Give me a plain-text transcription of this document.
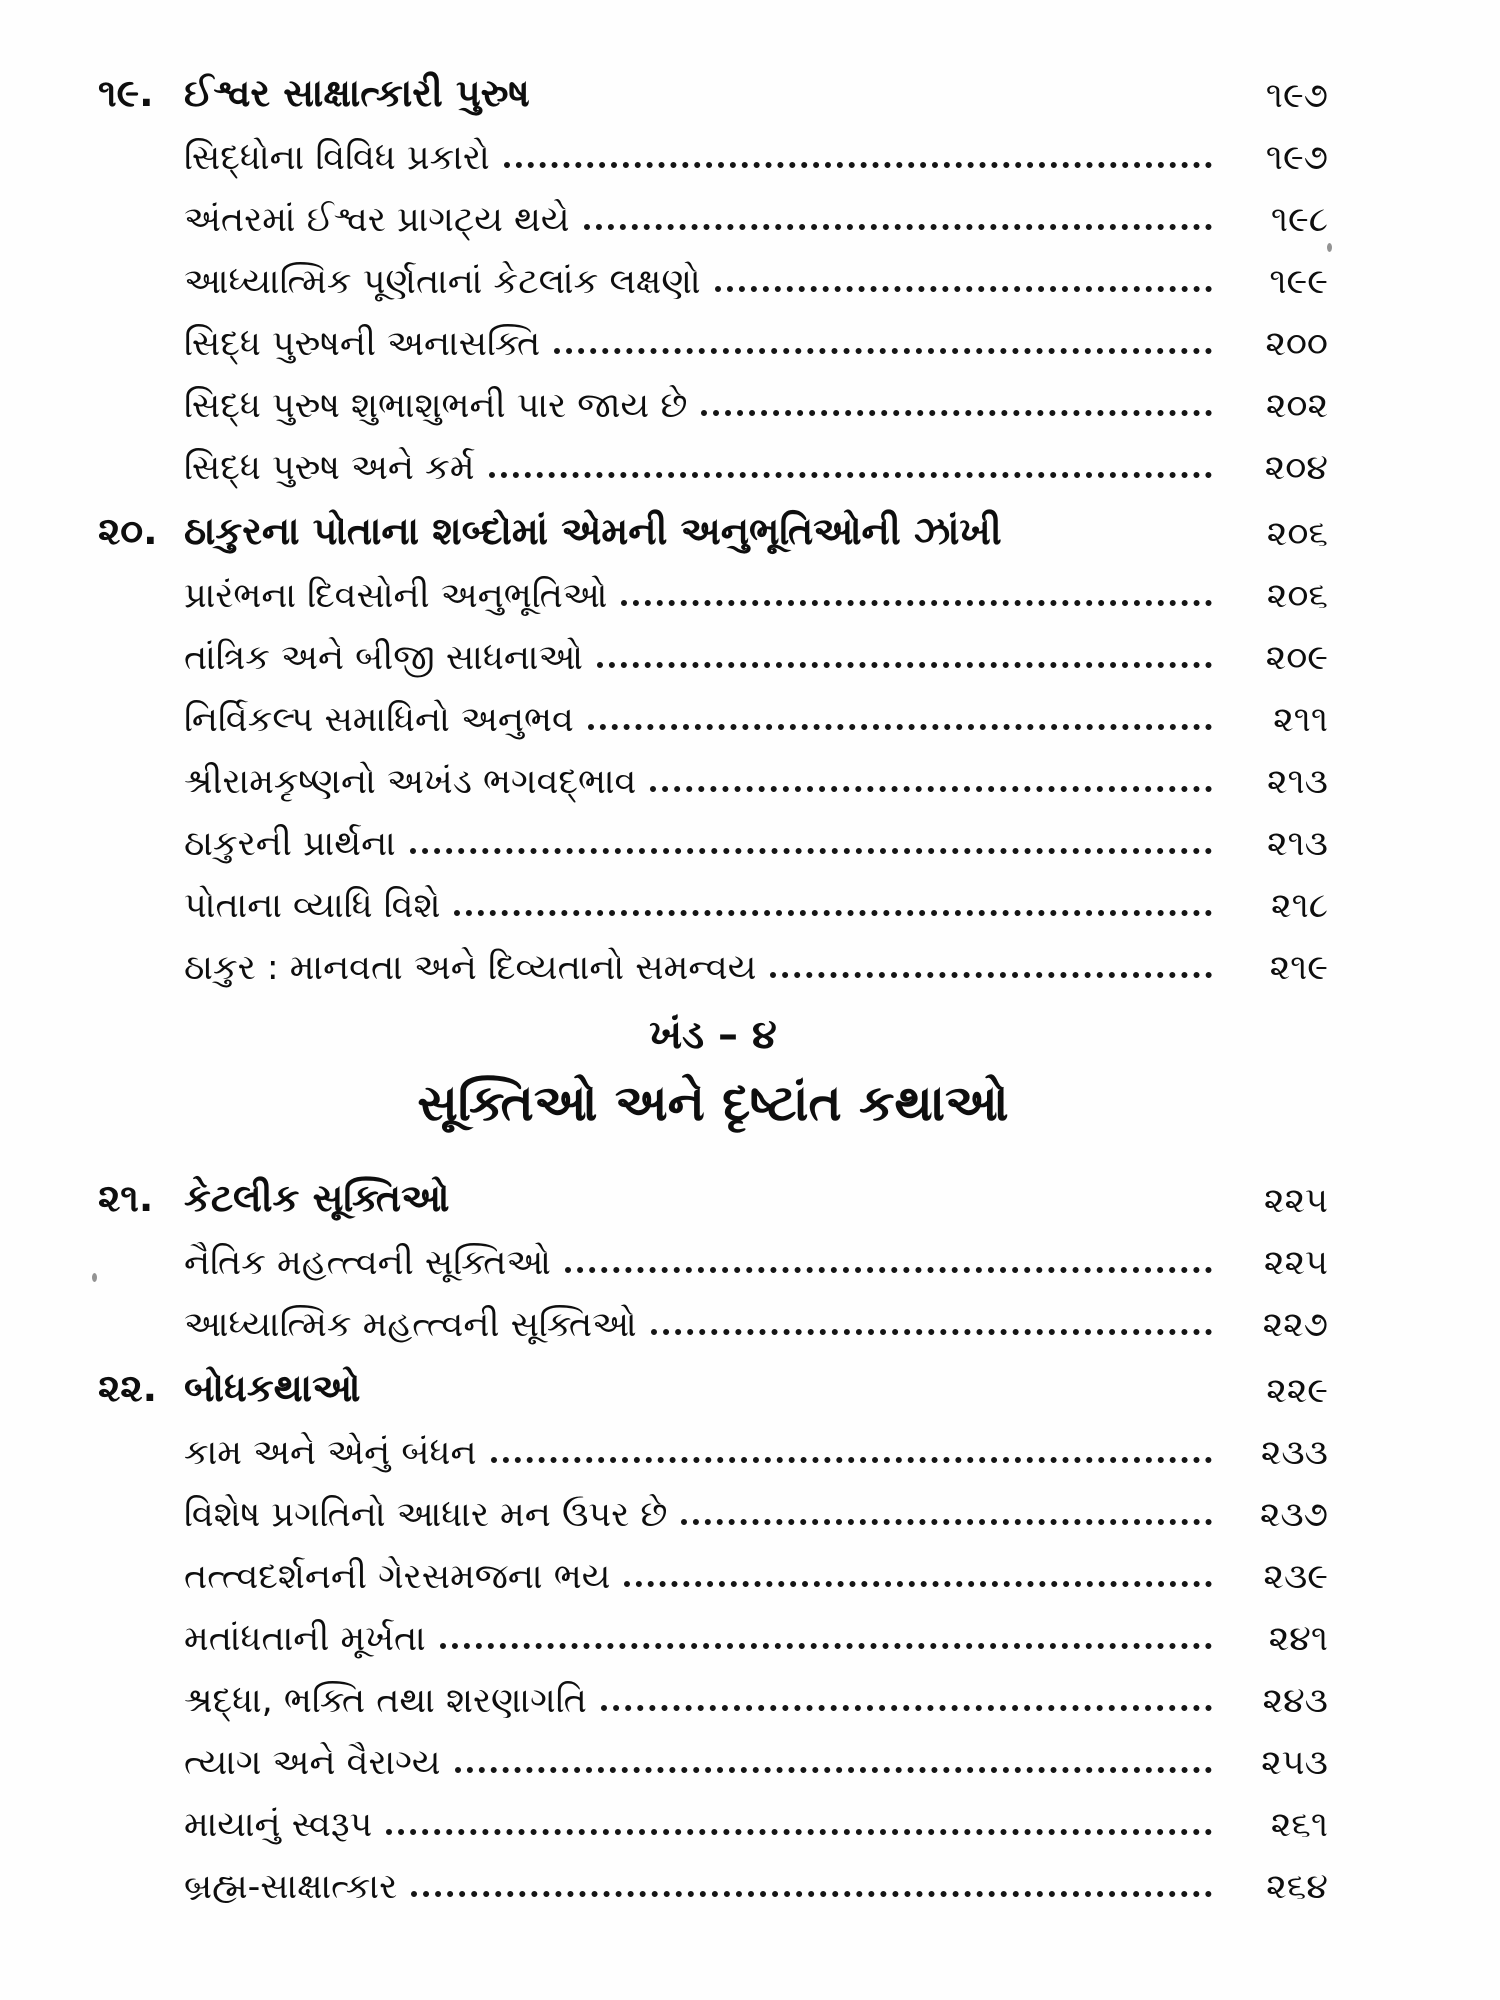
૧૯. ઈશ્વર સાક્ષાત્કારી પુરુષ	૧૯૭
સિદ્ધોના વિવિધ પ્રકારો	૧૯૭
અંતરમાં ઈશ્વર પ્રાગટ્ય થયે	૧૯૮
આધ્યાત્મિક પૂર્ણતાનાં કેટલાંક લક્ષણો	૧૯૯
સિદ્ધ પુરુષની અનાસક્તિ	૨૦૦
સિદ્ધ પુરુષ શુભાશુભની પાર જાય છે	૨૦૨
સિદ્ધ પુરુષ અને કર્મ	૨૦૪
૨૦. ઠાકુરના પોતાના શબ્દોમાં એમની અનુભૂતિઓની ઝાંખી	૨૦૬
પ્રારંભના દિવસોની અનુભૂતિઓ	૨૦૬
તાંત્રિક અને બીજી સાધનાઓ	૨૦૯
નિર્વિકલ્પ સમાધિનો અનુભવ	૨૧૧
શ્રીરામકૃષ્ણનો અખંડ ભગવદ્ભાવ	૨૧૩
ઠાકુરની પ્રાર્થના	૨૧૩
પોતાના વ્યાધિ વિશે	૨૧૮
ઠાકુર : માનવતા અને દિવ્યતાનો સમન્વય	૨૧૯
ખંડ – ૪
સૂક્તિઓ અને દૃષ્ટાંત કથાઓ
૨૧. કેટલીક સૂક્તિઓ	૨૨૫
નૈતિક મહત્ત્વની સૂક્તિઓ	૨૨૫
આધ્યાત્મિક મહત્ત્વની સૂક્તિઓ	૨૨૭
૨૨. બોધકથાઓ	૨૨૯
કામ અને એનું બંધન	૨૩૩
વિશેષ પ્રગતિનો આધાર મન ઉપર છે	૨૩૭
તત્ત્વદર્શનની ગેરસમજના ભય	૨૩૯
મતાંધતાની મૂર્ખતા	૨૪૧
શ્રદ્ધા, ભક્તિ તથા શરણાગતિ	૨૪૩
ત્યાગ અને વૈરાગ્ય	૨૫૩
માયાનું સ્વરૂપ	૨૬૧
બ્રહ્મ-સાક્ષાત્કાર	૨૬૪
